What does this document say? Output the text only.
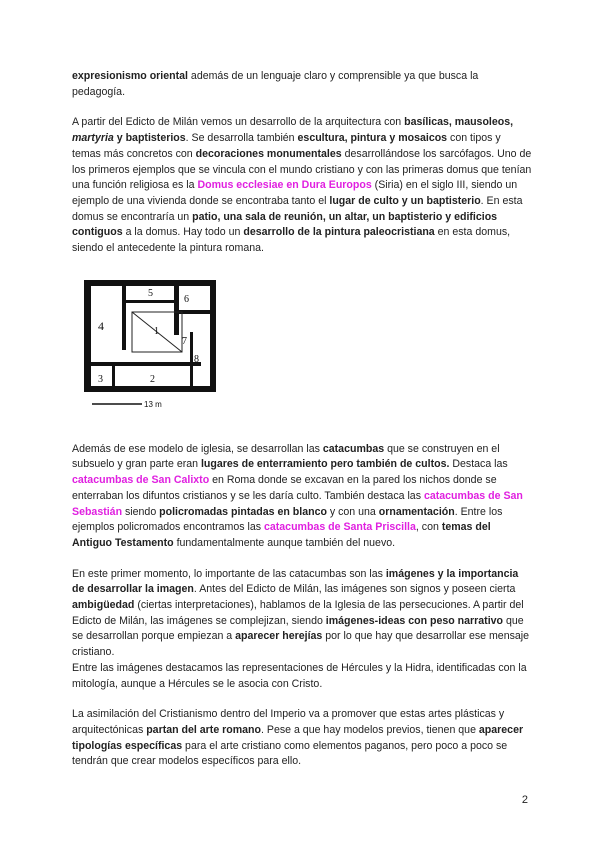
expresionismo oriental además de un lenguaje claro y comprensible ya que busca la pedagogía.

A partir del Edicto de Milán vemos un desarrollo de la arquitectura con basílicas, mausoleos, martyria y baptisterios. Se desarrolla también escultura, pintura y mosaicos con tipos y temas más concretos con decoraciones monumentales desarrollándose los sarcófagos. Uno de los primeros ejemplos que se vincula con el mundo cristiano y con las primeras domus que tenían una función religiosa es la Domus ecclesiae en Dura Europos (Siria) en el siglo III, siendo un ejemplo de una vivienda donde se encontraba tanto el lugar de culto y un baptisterio. En esta domus se encontraría un patio, una sala de reunión, un altar, un baptisterio y edificios contiguos a la domus. Hay todo un desarrollo de la pintura paleocristiana en esta domus, siendo el antecedente la pintura romana.

5
6
4	1
7
8
3	2
13 m

Además de ese modelo de iglesia, se desarrollan las catacumbas que se construyen en el subsuelo y gran parte eran lugares de enterramiento pero también de cultos. Destaca las catacumbas de San Calixto en Roma donde se excavan en la pared los nichos donde se enterraban los difuntos cristianos y se les daría culto. También destaca las catacumbas de San Sebastián siendo policromadas pintadas en blanco y con una ornamentación. Entre los ejemplos policromados encontramos las catacumbas de Santa Priscilla, con temas del Antiguo Testamento fundamentalmente aunque también del nuevo.

En este primer momento, lo importante de las catacumbas son las imágenes y la importancia de desarrollar la imagen. Antes del Edicto de Milán, las imágenes son signos y poseen cierta ambigüedad (ciertas interpretaciones), hablamos de la Iglesia de las persecuciones. A partir del Edicto de Milán, las imágenes se complejizan, siendo imágenes-ideas con peso narrativo que se desarrollan porque empiezan a aparecer herejías por lo que hay que desarrollar ese mensaje cristiano.
Entre las imágenes destacamos las representaciones de Hércules y la Hidra, identificadas con la mitología, aunque a Hércules se le asocia con Cristo.

La asimilación del Cristianismo dentro del Imperio va a promover que estas artes plásticas y arquitectónicas partan del arte romano. Pese a que hay modelos previos, tienen que aparecer tipologías específicas para el arte cristiano como elementos paganos, pero poco a poco se tendrán que crear modelos específicos para ello.

2
